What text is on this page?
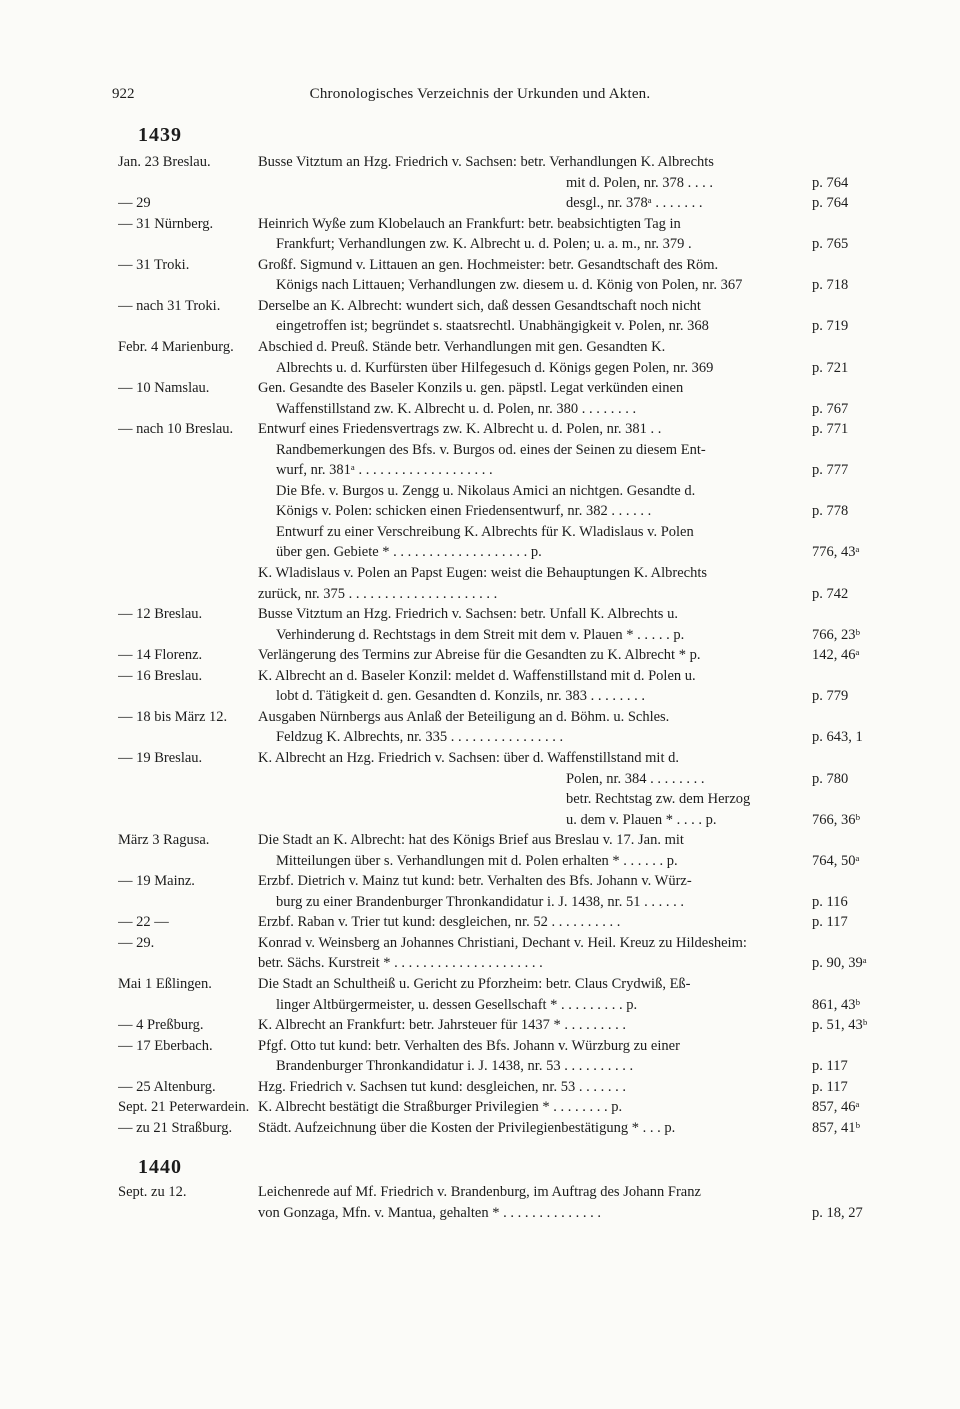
922	Chronologisches Verzeichnis der Urkunden und Akten.
1439
Jan. 23 Breslau.	Busse Vitztum an Hzg. Friedrich v. Sachsen: betr. Verhandlungen K. Albrechts
mit d. Polen, nr. 378 . . . .	p. 764
— 29	desgl., nr. 378ᵃ . . . . . . .	p. 764
— 31 Nürnberg.	Heinrich Wyße zum Klobelauch an Frankfurt: betr. beabsichtigten Tag in
Frankfurt; Verhandlungen zw. K. Albrecht u. d. Polen; u. a. m., nr. 379 .	p. 765
— 31 Troki.	Großf. Sigmund v. Littauen an gen. Hochmeister: betr. Gesandtschaft des Röm.
Königs nach Littauen; Verhandlungen zw. diesem u. d. König von Polen, nr. 367	p. 718
— nach 31 Troki.	Derselbe an K. Albrecht: wundert sich, daß dessen Gesandtschaft noch nicht
eingetroffen ist; begründet s. staatsrechtl. Unabhängigkeit v. Polen, nr. 368	p. 719
Febr. 4 Marienburg.	Abschied d. Preuß. Stände betr. Verhandlungen mit gen. Gesandten K.
Albrechts u. d. Kurfürsten über Hilfegesuch d. Königs gegen Polen, nr. 369	p. 721
— 10 Namslau.	Gen. Gesandte des Baseler Konzils u. gen. päpstl. Legat verkünden einen
Waffenstillstand zw. K. Albrecht u. d. Polen, nr. 380 . . . . . . . .	p. 767
— nach 10 Breslau.	Entwurf eines Friedensvertrags zw. K. Albrecht u. d. Polen, nr. 381 . .	p. 771
Randbemerkungen des Bfs. v. Burgos od. eines der Seinen zu diesem Ent-
wurf, nr. 381ᵃ . . . . . . . . . . . . . . . . . . .	p. 777
Die Bfe. v. Burgos u. Zengg u. Nikolaus Amici an nichtgen. Gesandte d.
Königs v. Polen: schicken einen Friedensentwurf, nr. 382 . . . . . .	p. 778
Entwurf zu einer Verschreibung K. Albrechts für K. Wladislaus v. Polen
über gen. Gebiete * . . . . . . . . . . . . . . . . . . . p.	776, 43ᵃ
K. Wladislaus v. Polen an Papst Eugen: weist die Behauptungen K. Albrechts
zurück, nr. 375 . . . . . . . . . . . . . . . . . . . . .	p. 742
— 12 Breslau.	Busse Vitztum an Hzg. Friedrich v. Sachsen: betr. Unfall K. Albrechts u.
Verhinderung d. Rechtstags in dem Streit mit dem v. Plauen * . . . . . p.	766, 23ᵇ
— 14 Florenz.	Verlängerung des Termins zur Abreise für die Gesandten zu K. Albrecht * p.	142, 46ᵃ
— 16 Breslau.	K. Albrecht an d. Baseler Konzil: meldet d. Waffenstillstand mit d. Polen u.
lobt d. Tätigkeit d. gen. Gesandten d. Konzils, nr. 383 . . . . . . . .	p. 779
— 18 bis März 12.	Ausgaben Nürnbergs aus Anlaß der Beteiligung an d. Böhm. u. Schles.
Feldzug K. Albrechts, nr. 335 . . . . . . . . . . . . . . . .	p. 643, 1
— 19 Breslau.	K. Albrecht an Hzg. Friedrich v. Sachsen: über d. Waffenstillstand mit d.
Polen, nr. 384 . . . . . . . .	p. 780
betr. Rechtstag zw. dem Herzog
u. dem v. Plauen * . . . . p.	766, 36ᵇ
März 3 Ragusa.	Die Stadt an K. Albrecht: hat des Königs Brief aus Breslau v. 17. Jan. mit
Mitteilungen über s. Verhandlungen mit d. Polen erhalten * . . . . . . p.	764, 50ᵃ
— 19 Mainz.	Erzbf. Dietrich v. Mainz tut kund: betr. Verhalten des Bfs. Johann v. Würz-
burg zu einer Brandenburger Thronkandidatur i. J. 1438, nr. 51 . . . . . .	p. 116
— 22 —	Erzbf. Raban v. Trier tut kund: desgleichen, nr. 52 . . . . . . . . . .	p. 117
— 29.	Konrad v. Weinsberg an Johannes Christiani, Dechant v. Heil. Kreuz zu Hildesheim:
betr. Sächs. Kurstreit * . . . . . . . . . . . . . . . . . . . . .	p. 90, 39ᵃ
Mai 1 Eßlingen.	Die Stadt an Schultheiß u. Gericht zu Pforzheim: betr. Claus Crydwiß, Eß-
linger Altbürgermeister, u. dessen Gesellschaft * . . . . . . . . . p.	861, 43ᵇ
— 4 Preßburg.	K. Albrecht an Frankfurt: betr. Jahrsteuer für 1437 * . . . . . . . . .	p. 51, 43ᵇ
— 17 Eberbach.	Pfgf. Otto tut kund: betr. Verhalten des Bfs. Johann v. Würzburg zu einer
Brandenburger Thronkandidatur i. J. 1438, nr. 53 . . . . . . . . . .	p. 117
— 25 Altenburg.	Hzg. Friedrich v. Sachsen tut kund: desgleichen, nr. 53 . . . . . . .	p. 117
Sept. 21 Peterwardein. K. Albrecht bestätigt die Straßburger Privilegien * . . . . . . . . p.	857, 46ᵃ
— zu 21 Straßburg.	Städt. Aufzeichnung über die Kosten der Privilegienbestätigung * . . . p.	857, 41ᵇ
1440
Sept. zu 12.	Leichenrede auf Mf. Friedrich v. Brandenburg, im Auftrag des Johann Franz
von Gonzaga, Mfn. v. Mantua, gehalten * . . . . . . . . . . . . . .	p. 18, 27
